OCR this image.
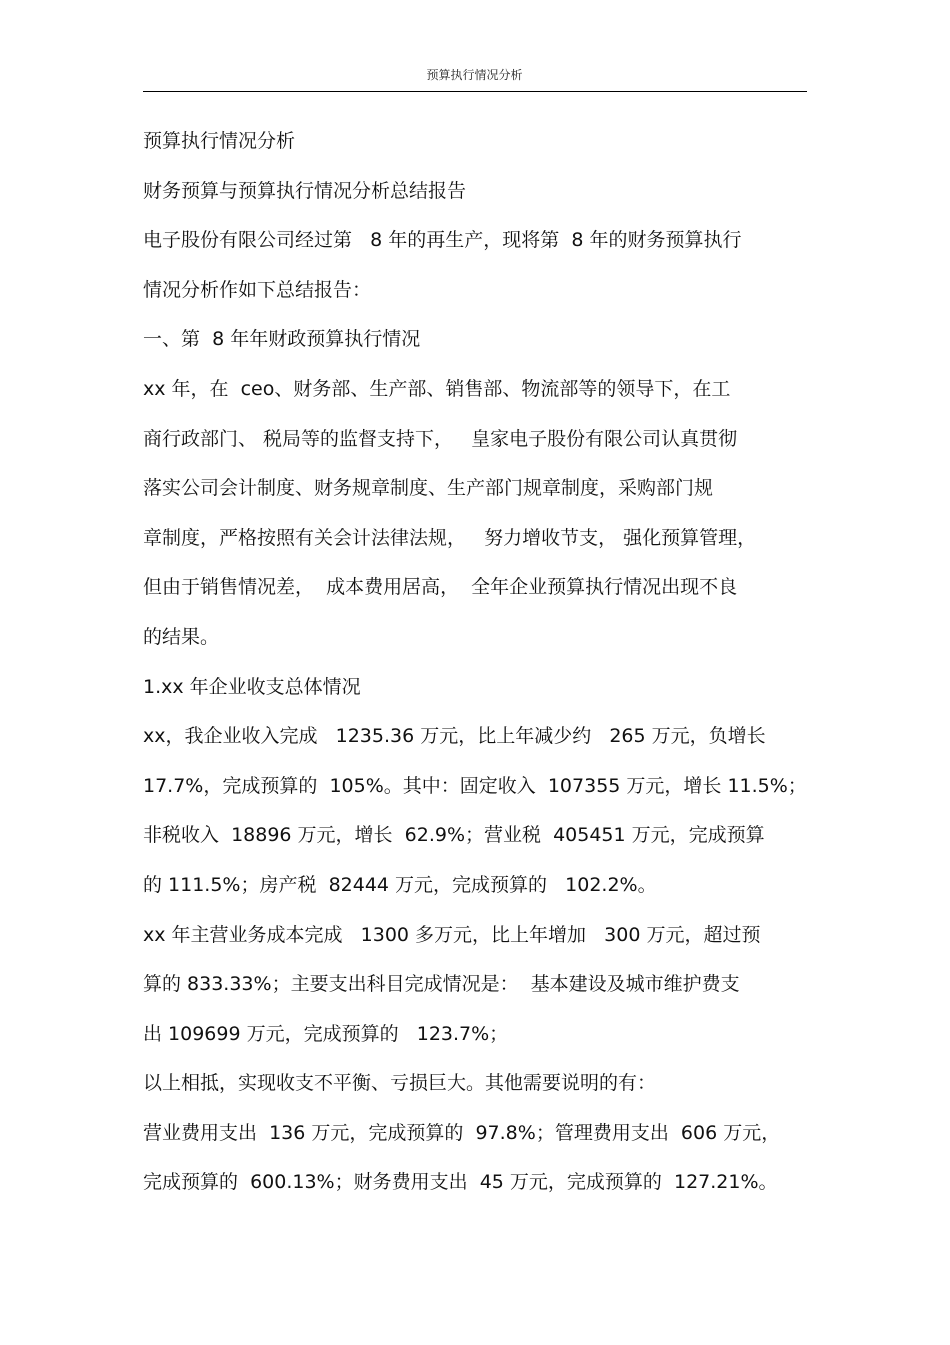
预算执行情况分析
预算执行情况分析
财务预算与预算执行情况分析总结报告
电子股份有限公司经过第   8 年的再生产，现将第  8 年的财务预算执行
情况分析作如下总结报告：
一、第  8 年年财政预算执行情况
xx 年，在  ceo、财务部、生产部、销售部、物流部等的领导下，在工
商行政部门、 税局等的监督支持下，   皇家电子股份有限公司认真贯彻
落实公司会计制度、财务规章制度、生产部门规章制度，采购部门规
章制度，严格按照有关会计法律法规，   努力增收节支， 强化预算管理，
但由于销售情况差，  成本费用居高，  全年企业预算执行情况出现不良
的结果。
1.xx 年企业收支总体情况
xx，我企业收入完成   1235.36 万元，比上年减少约   265 万元，负增长
17.7%，完成预算的  105%。其中：固定收入  107355 万元，增长 11.5%；
非税收入  18896 万元，增长  62.9%；营业税  405451 万元，完成预算
的 111.5%；房产税  82444 万元，完成预算的   102.2%。
xx 年主营业务成本完成   1300 多万元，比上年增加   300 万元，超过预
算的 833.33%；主要支出科目完成情况是：  基本建设及城市维护费支
出 109699 万元，完成预算的   123.7%；
以上相抵，实现收支不平衡、亏损巨大。其他需要说明的有：
营业费用支出  136 万元，完成预算的  97.8%；管理费用支出  606 万元，
完成预算的  600.13%；财务费用支出  45 万元，完成预算的  127.21%。
